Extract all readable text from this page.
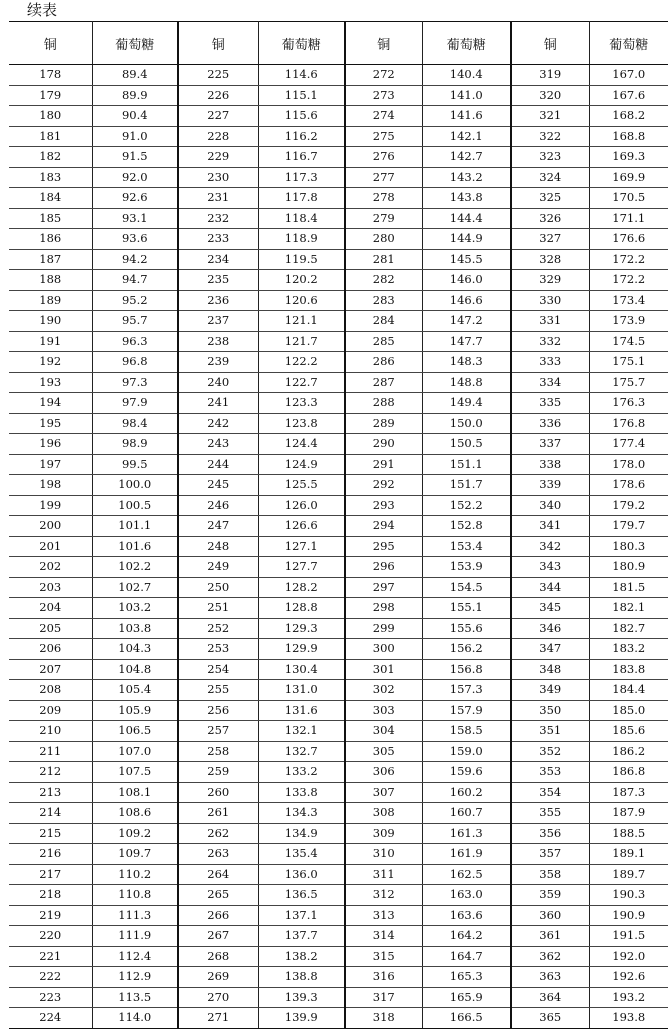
续表
铜	葡萄糖	铜	葡萄糖	铜	葡萄糖	铜	葡萄糖
178	89.4	225	114.6	272	140.4	319	167.0
179	89.9	226	115.1	273	141.0	320	167.6
180	90.4	227	115.6	274	141.6	321	168.2
181	91.0	228	116.2	275	142.1	322	168.8
182	91.5	229	116.7	276	142.7	323	169.3
183	92.0	230	117.3	277	143.2	324	169.9
184	92.6	231	117.8	278	143.8	325	170.5
185	93.1	232	118.4	279	144.4	326	171.1
186	93.6	233	118.9	280	144.9	327	176.6
187	94.2	234	119.5	281	145.5	328	172.2
188	94.7	235	120.2	282	146.0	329	172.2
189	95.2	236	120.6	283	146.6	330	173.4
190	95.7	237	121.1	284	147.2	331	173.9
191	96.3	238	121.7	285	147.7	332	174.5
192	96.8	239	122.2	286	148.3	333	175.1
193	97.3	240	122.7	287	148.8	334	175.7
194	97.9	241	123.3	288	149.4	335	176.3
195	98.4	242	123.8	289	150.0	336	176.8
196	98.9	243	124.4	290	150.5	337	177.4
197	99.5	244	124.9	291	151.1	338	178.0
198	100.0	245	125.5	292	151.7	339	178.6
199	100.5	246	126.0	293	152.2	340	179.2
200	101.1	247	126.6	294	152.8	341	179.7
201	101.6	248	127.1	295	153.4	342	180.3
202	102.2	249	127.7	296	153.9	343	180.9
203	102.7	250	128.2	297	154.5	344	181.5
204	103.2	251	128.8	298	155.1	345	182.1
205	103.8	252	129.3	299	155.6	346	182.7
206	104.3	253	129.9	300	156.2	347	183.2
207	104.8	254	130.4	301	156.8	348	183.8
208	105.4	255	131.0	302	157.3	349	184.4
209	105.9	256	131.6	303	157.9	350	185.0
210	106.5	257	132.1	304	158.5	351	185.6
211	107.0	258	132.7	305	159.0	352	186.2
212	107.5	259	133.2	306	159.6	353	186.8
213	108.1	260	133.8	307	160.2	354	187.3
214	108.6	261	134.3	308	160.7	355	187.9
215	109.2	262	134.9	309	161.3	356	188.5
216	109.7	263	135.4	310	161.9	357	189.1
217	110.2	264	136.0	311	162.5	358	189.7
218	110.8	265	136.5	312	163.0	359	190.3
219	111.3	266	137.1	313	163.6	360	190.9
220	111.9	267	137.7	314	164.2	361	191.5
221	112.4	268	138.2	315	164.7	362	192.0
222	112.9	269	138.8	316	165.3	363	192.6
223	113.5	270	139.3	317	165.9	364	193.2
224	114.0	271	139.9	318	166.5	365	193.8
